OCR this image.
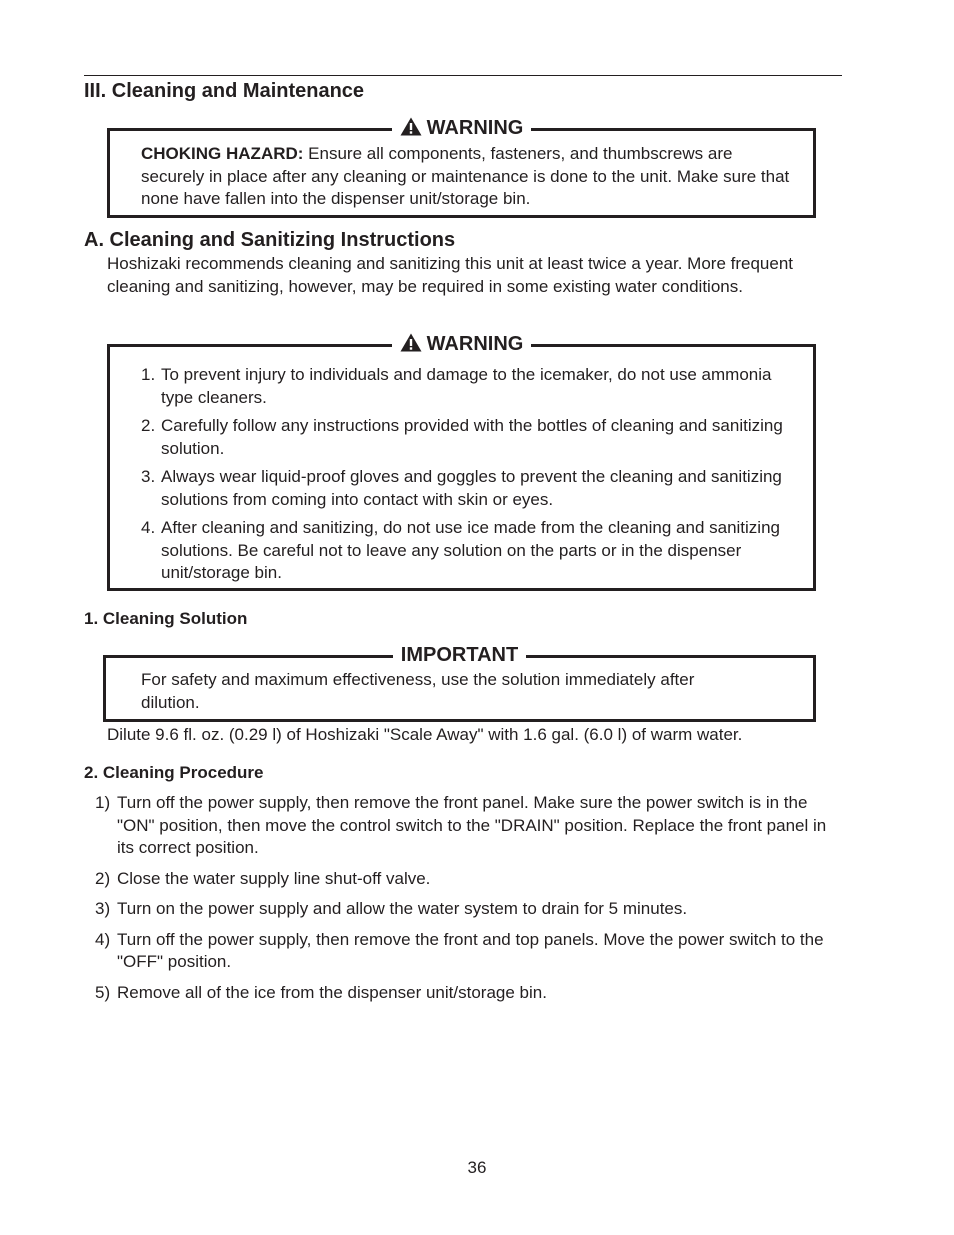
III. Cleaning and Maintenance
WARNING
CHOKING HAZARD: Ensure all components, fasteners, and thumbscrews are securely in place after any cleaning or maintenance is done to the unit. Make sure that none have fallen into the dispenser unit/storage bin.
A. Cleaning and Sanitizing Instructions
Hoshizaki recommends cleaning and sanitizing this unit at least twice a year. More frequent cleaning and sanitizing, however, may be required in some existing water conditions.
WARNING
1. To prevent injury to individuals and damage to the icemaker, do not use ammonia type cleaners.
2. Carefully follow any instructions provided with the bottles of cleaning and sanitizing solution.
3. Always wear liquid-proof gloves and goggles to prevent the cleaning and sanitizing solutions from coming into contact with skin or eyes.
4. After cleaning and sanitizing, do not use ice made from the cleaning and sanitizing solutions. Be careful not to leave any solution on the parts or in the dispenser unit/storage bin.
1. Cleaning Solution
IMPORTANT
For safety and maximum effectiveness, use the solution immediately after dilution.
Dilute 9.6 fl. oz. (0.29 l) of Hoshizaki "Scale Away" with 1.6 gal. (6.0 l) of warm water.
2. Cleaning Procedure
1) Turn off the power supply, then remove the front panel. Make sure the power switch is in the "ON" position, then move the control switch to the "DRAIN" position. Replace the front panel in its correct position.
2) Close the water supply line shut-off valve.
3) Turn on the power supply and allow the water system to drain for 5 minutes.
4) Turn off the power supply, then remove the front and top panels. Move the power switch to the "OFF" position.
5) Remove all of the ice from the dispenser unit/storage bin.
36
